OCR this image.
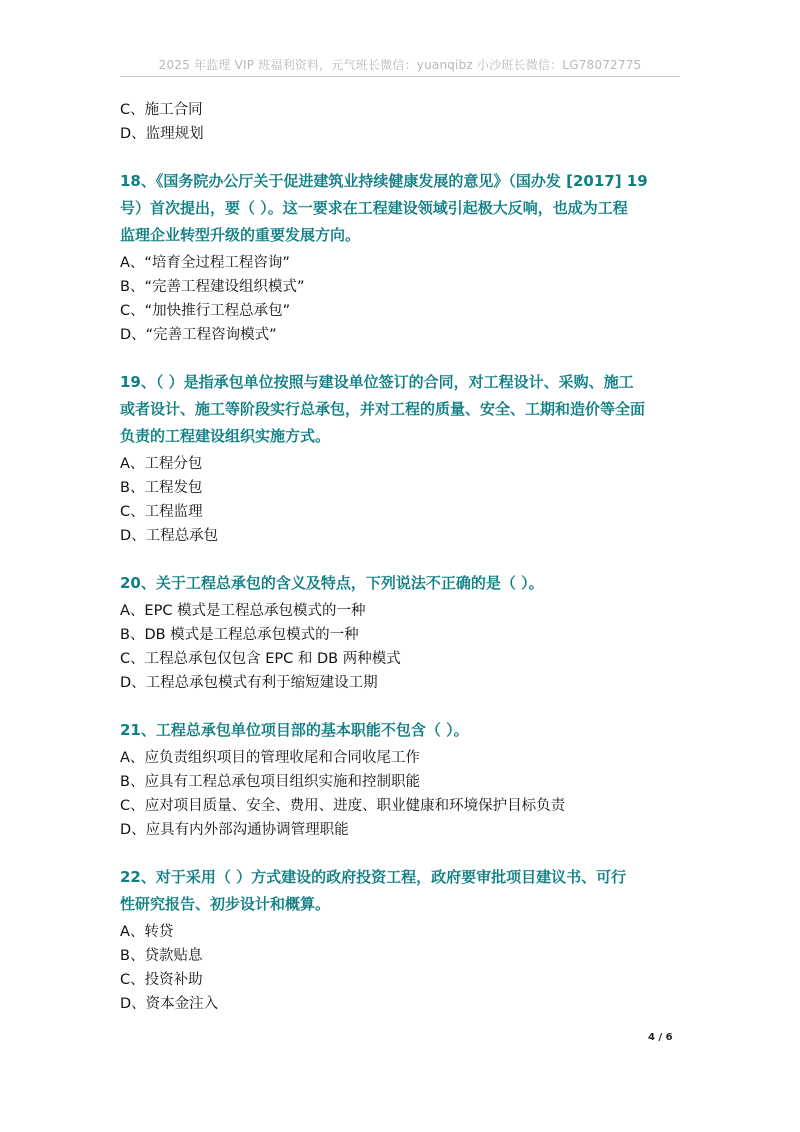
2025 年监理 VIP 班福利资料，元气班长微信：yuanqibz 小沙班长微信：LG78072775
C、施工合同
D、监理规划
18、《国务院办公厅关于促进建筑业持续健康发展的意见》（国办发 [2017] 19
号）首次提出，要（ ）。这一要求在工程建设领域引起极大反响，也成为工程
监理企业转型升级的重要发展方向。
A、“培育全过程工程咨询”
B、“完善工程建设组织模式”
C、“加快推行工程总承包”
D、“完善工程咨询模式”
19、（ ）是指承包单位按照与建设单位签订的合同，对工程设计、采购、施工
或者设计、施工等阶段实行总承包，并对工程的质量、安全、工期和造价等全面
负责的工程建设组织实施方式。
A、工程分包
B、工程发包
C、工程监理
D、工程总承包
20、关于工程总承包的含义及特点，下列说法不正确的是（ ）。
A、EPC 模式是工程总承包模式的一种
B、DB 模式是工程总承包模式的一种
C、工程总承包仅包含 EPC 和 DB 两种模式
D、工程总承包模式有利于缩短建设工期
21、工程总承包单位项目部的基本职能不包含（ ）。
A、应负责组织项目的管理收尾和合同收尾工作
B、应具有工程总承包项目组织实施和控制职能
C、应对项目质量、安全、费用、进度、职业健康和环境保护目标负责
D、应具有内外部沟通协调管理职能
22、对于采用（ ）方式建设的政府投资工程，政府要审批项目建议书、可行
性研究报告、初步设计和概算。
A、转贷
B、贷款贴息
C、投资补助
D、资本金注入
4 / 6
